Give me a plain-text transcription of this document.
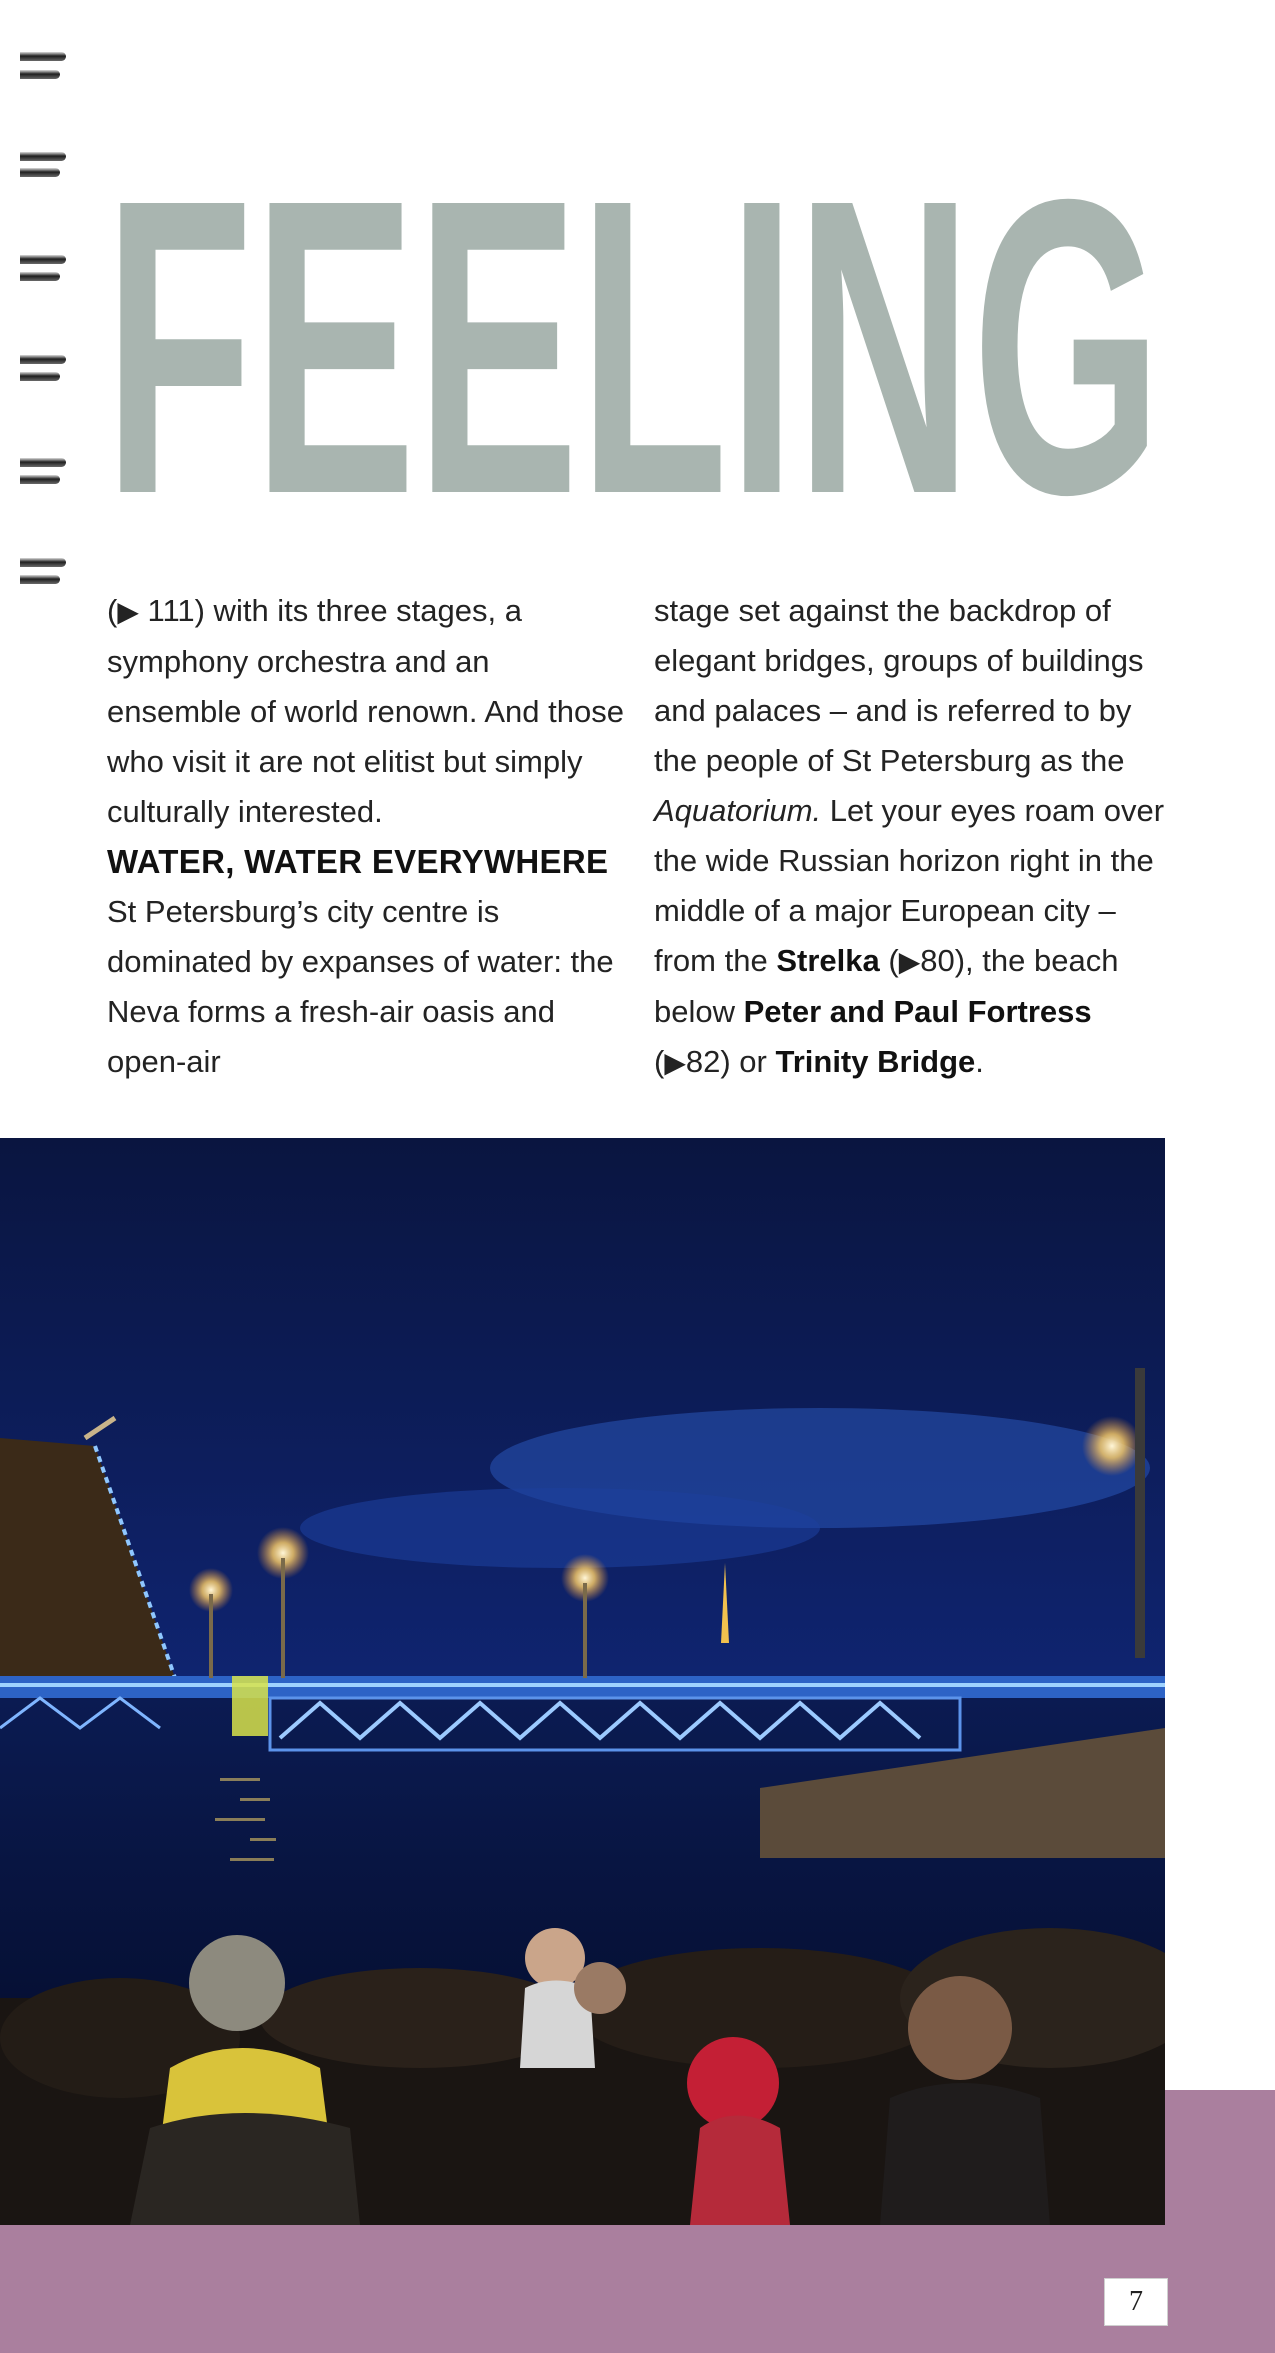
FEELING

(▶ 111) with its three stages, a symphony orchestra and an ensemble of world renown. And those who visit it are not elitist but simply culturally interested.

WATER, WATER EVERYWHERE

St Petersburg’s city centre is dominated by expanses of water: the Neva forms a fresh-air oasis and open-air

stage set against the backdrop of elegant bridges, groups of buildings and palaces – and is referred to by the people of St Petersburg as the Aquatorium. Let your eyes roam over the wide Russian horizon right in the middle of a major European city – from the Strelka (▶80), the beach below Peter and Paul Fortress (▶82) or Trinity Bridge.

7
